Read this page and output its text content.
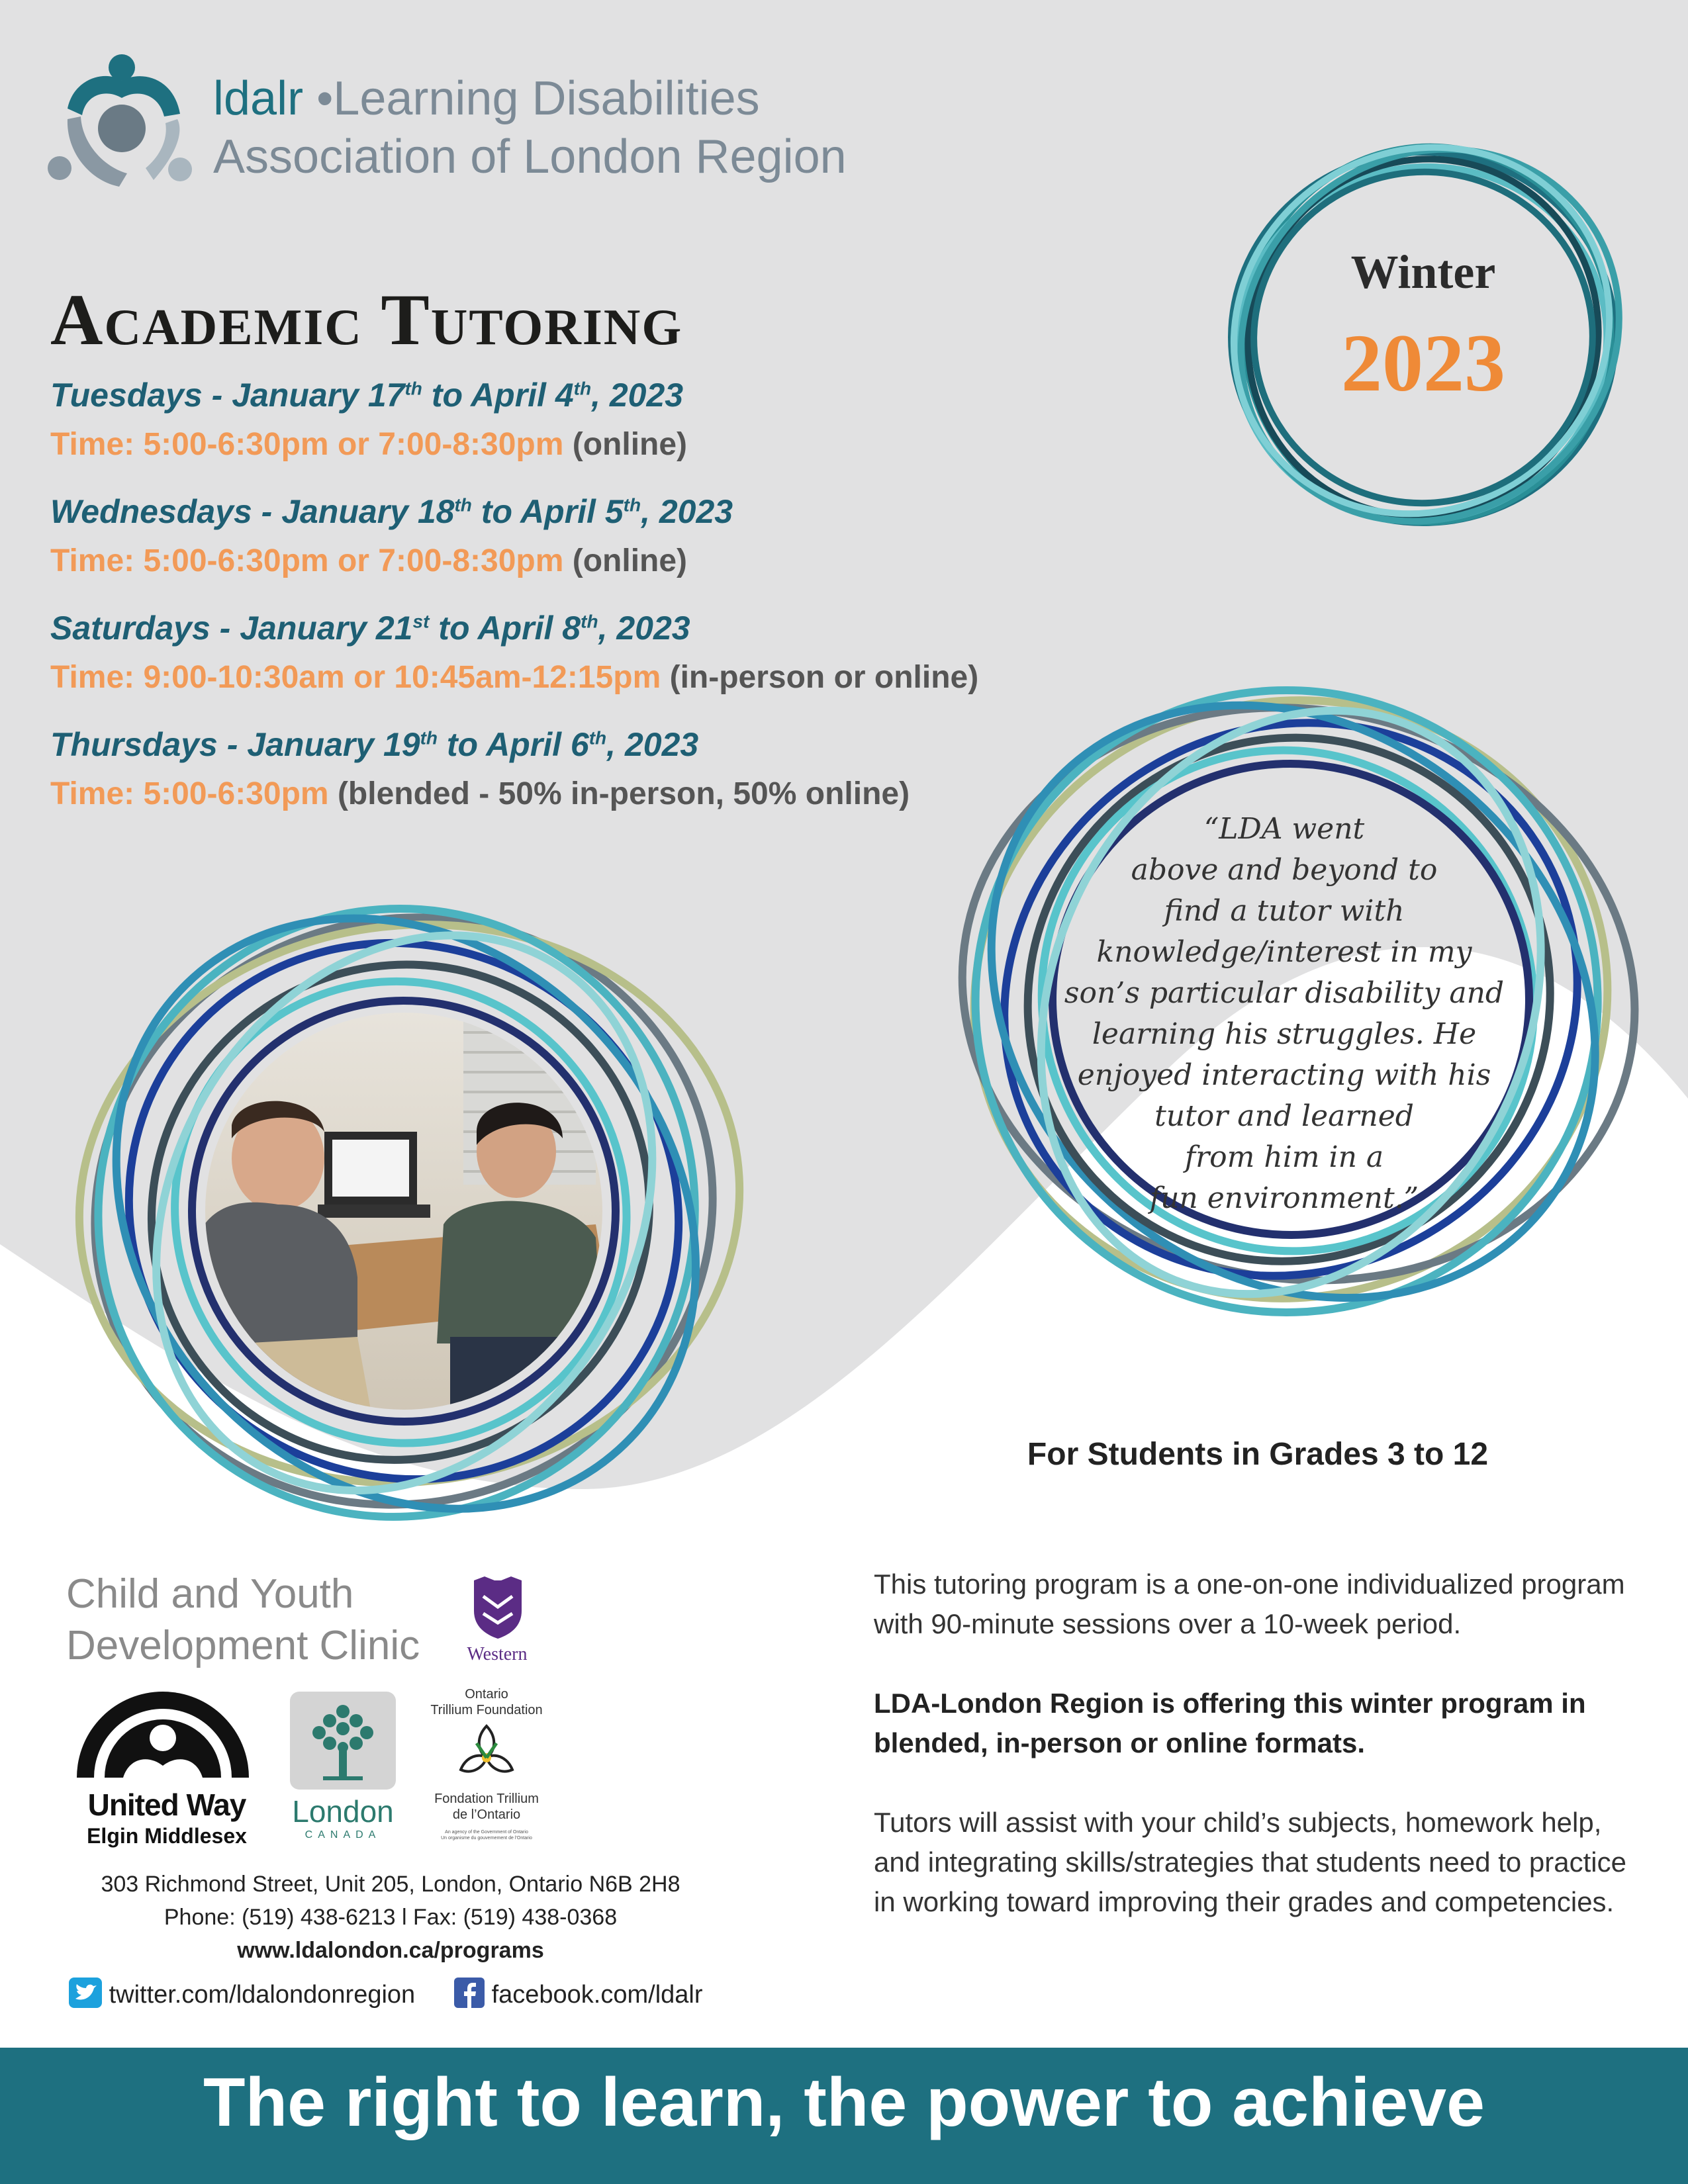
ldalr •Learning Disabilities
Association of London Region
Academic Tutoring
Winter
2023
Tuesdays - January 17th to April 4th, 2023
Time: 5:00-6:30pm or 7:00-8:30pm (online)
Wednesdays - January 18th to April 5th, 2023
Time: 5:00-6:30pm or 7:00-8:30pm (online)
Saturdays - January 21st to April 8th, 2023
Time: 9:00-10:30am or 10:45am-12:15pm (in-person or online)
Thursdays - January 19th to April 6th, 2023
Time: 5:00-6:30pm (blended - 50% in-person, 50% online)
“LDA went
above and beyond to
find a tutor with
knowledge/interest in my
son’s particular disability and
learning his struggles. He
enjoyed interacting with his
tutor and learned
from him in a
fun environment.”
For Students in Grades 3 to 12
This tutoring program is a one-on-one individualized program with 90-minute sessions over a 10-week period.
LDA-London Region is offering this winter program in blended, in-person or online formats.
Tutors will assist with your child’s subjects, homework help, and integrating skills/strategies that students need to practice in working toward improving their grades and competencies.
Child and Youth
Development Clinic	Western
United Way
Elgin Middlesex
London
CANADA
Ontario
Trillium Foundation
Fondation Trillium
de l’Ontario
An agency of the Government of Ontario
Un organisme du gouvernement de l’Ontario
303 Richmond Street, Unit 205, London, Ontario N6B 2H8
Phone: (519) 438-6213 l Fax: (519) 438-0368
www.ldalondon.ca/programs
twitter.com/ldalondonregion	facebook.com/ldalr
The right to learn, the power to achieve
